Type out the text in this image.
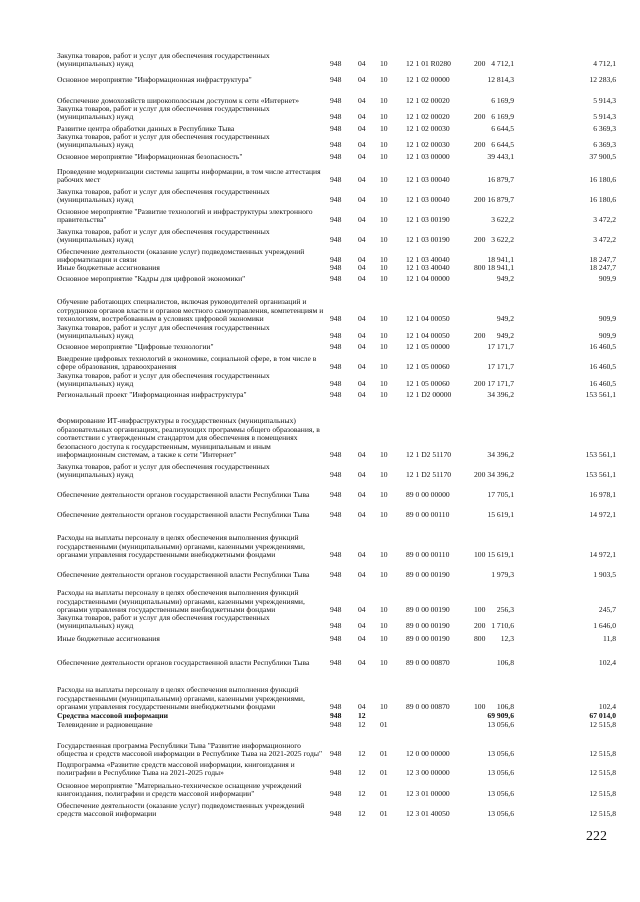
Закупка товаров, работ и услуг для обеспечения государственных (муниципальных) нужд	948 04 10 12 1 01 R0280	200 4 712,1	4 712,1
Основное мероприятие "Информационная инфраструктура"	948 04 10 12 1 02 00000	12 814,3	12 283,6
Обеспечение домохозяйств широкополосным доступом к сети «Интернет»	948 04 10 12 1 02 00020	6 169,9	5 914,3
Закупка товаров, работ и услуг для обеспечения государственных (муниципальных) нужд	948 04 10 12 1 02 00020	200 6 169,9	5 914,3
Развитие центра обработки данных в Республике Тыва	948 04 10 12 1 02 00030	6 644,5	6 369,3
Закупка товаров, работ и услуг для обеспечения государственных (муниципальных) нужд	948 04 10 12 1 02 00030	200 6 644,5	6 369,3
Основное мероприятие "Информационная безопасность"	948 04 10 12 1 03 00000	39 443,1	37 900,5
Проведение модернизации системы защиты информации, в том числе аттестация рабочих мест	948 04 10 12 1 03 00040	16 879,7	16 180,6
Закупка товаров, работ и услуг для обеспечения государственных (муниципальных) нужд	948 04 10 12 1 03 00040	200 16 879,7	16 180,6
Основное мероприятие "Развитие технологий и инфраструктуры электронного правительства"	948 04 10 12 1 03 00190	3 622,2	3 472,2
Закупка товаров, работ и услуг для обеспечения государственных (муниципальных) нужд	948 04 10 12 1 03 00190	200 3 622,2	3 472,2
Обеспечение деятельности (оказание услуг) подведомственных учреждений информатизации и связи	948 04 10 12 1 03 40040	18 941,1	18 247,7
Иные бюджетные ассигнования	948 04 10 12 1 03 40040	800 18 941,1	18 247,7
Основное мероприятие "Кадры для цифровой экономики"	948 04 10 12 1 04 00000	949,2	909,9
Обучение работающих специалистов, включая руководителей организаций и сотрудников органов власти и органов местного самоуправления, компетенциям и технологиям, востребованным в условиях цифровой экономики	948 04 10 12 1 04 00050	949,2	909,9
Закупка товаров, работ и услуг для обеспечения государственных (муниципальных) нужд	948 04 10 12 1 04 00050	200 949,2	909,9
Основное мероприятие "Цифровые технологии"	948 04 10 12 1 05 00000	17 171,7	16 460,5
Внедрение цифровых технологий в экономике, социальной сфере, в том числе в сфере образования, здравоохранения	948 04 10 12 1 05 00060	17 171,7	16 460,5
Закупка товаров, работ и услуг для обеспечения государственных (муниципальных) нужд	948 04 10 12 1 05 00060	200 17 171,7	16 460,5
Региональный проект "Информационная инфраструктура"	948 04 10 12 1 D2 00000	34 396,2	153 561,1
Формирование ИТ-инфраструктуры в государственных (муниципальных) образовательных организациях, реализующих программы общего образования, в соответствии с утвержденным стандартом для обеспечения в помещениях безопасного доступа к государственным, муниципальным и иным информационным системам, а также к сети "Интернет"	948 04 10 12 1 D2 51170	34 396,2	153 561,1
Закупка товаров, работ и услуг для обеспечения государственных (муниципальных) нужд	948 04 10 12 1 D2 51170	200 34 396,2	153 561,1
Обеспечение деятельности органов государственной власти Республики Тыва	948 04 10 89 0 00 00000	17 705,1	16 978,1
Обеспечение деятельности органов государственной власти Республики Тыва	948 04 10 89 0 00 00110	15 619,1	14 972,1
Расходы на выплаты персоналу в целях обеспечения выполнения функций государственными (муниципальными) органами, казенными учреждениями, органами управления государственными внебюджетными фондами	948 04 10 89 0 00 00110	100 15 619,1	14 972,1
Обеспечение деятельности органов государственной власти Республики Тыва	948 04 10 89 0 00 00190	1 979,3	1 903,5
Расходы на выплаты персоналу в целях обеспечения выполнения функций государственными (муниципальными) органами, казенными учреждениями, органами управления государственными внебюджетными фондами	948 04 10 89 0 00 00190	100 256,3	245,7
Закупка товаров, работ и услуг для обеспечения государственных (муниципальных) нужд	948 04 10 89 0 00 00190	200 1 710,6	1 646,0
Иные бюджетные ассигнования	948 04 10 89 0 00 00190	800 12,3	11,8
Обеспечение деятельности органов государственной власти Республики Тыва	948 04 10 89 0 00 00870	106,8	102,4
Расходы на выплаты персоналу в целях обеспечения выполнения функций государственными (муниципальными) органами, казенными учреждениями, органами управления государственными внебюджетными фондами	948 04 10 89 0 00 00870	100 106,8	102,4
Средства массовой информации	948 12	69 909,6	67 014,0
Телевидение и радиовещание	948 12 01	13 056,6	12 515,8
Государственная программа Республики Тыва "Развитие информационного общества и средств массовой информации в Республике Тыва на 2021-2025 годы"	948 12 01 12 0 00 00000	13 056,6	12 515,8
Подпрограмма «Развитие средств массовой информации, книгоиздания и полиграфии в Республике Тыва на 2021-2025 годы»	948 12 01 12 3 00 00000	13 056,6	12 515,8
Основное мероприятие "Материально-техническое оснащение учреждений книгоиздания, полиграфии и средств массовой информации"	948 12 01 12 3 01 00000	13 056,6	12 515,8
Обеспечение деятельности (оказание услуг) подведомственных учреждений средств массовой информации	948 12 01 12 3 01 40050	13 056,6	12 515,8
222
